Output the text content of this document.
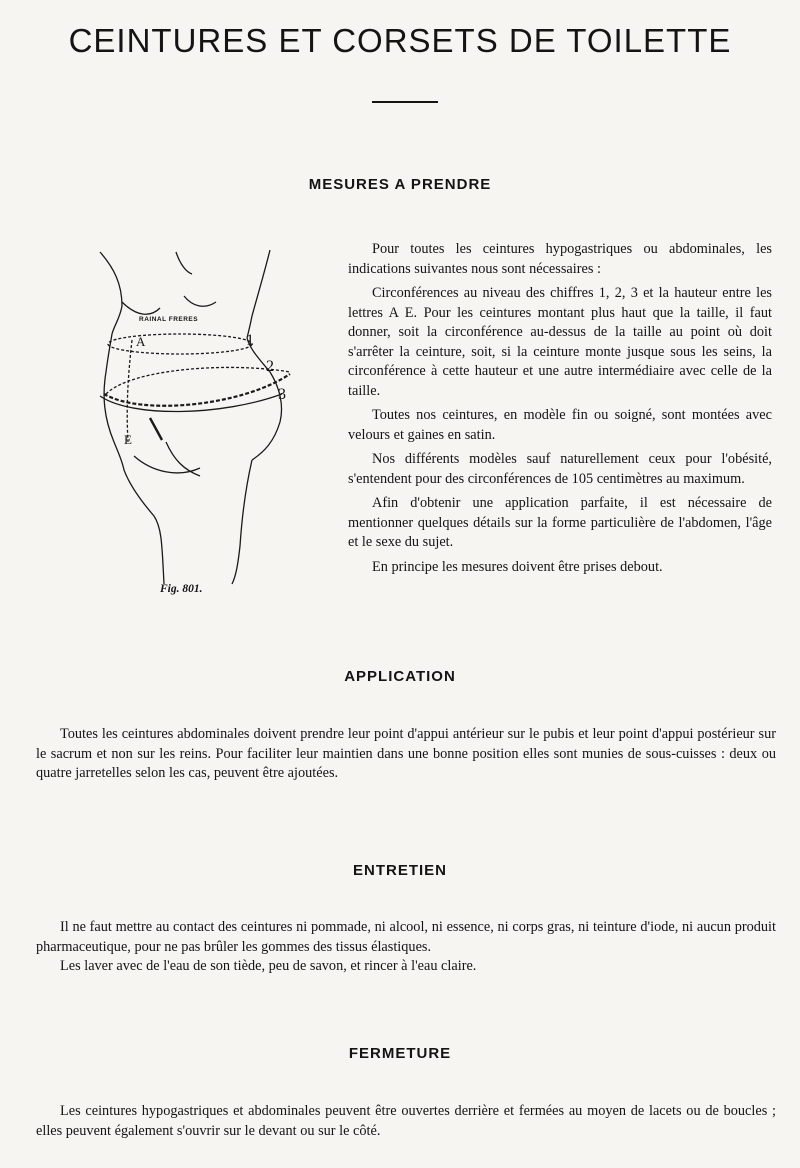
CEINTURES ET CORSETS DE TOILETTE
MESURES A PRENDRE
RAINAL FRERES
1
2
3
A
E
Fig. 801.

Pour toutes les ceintures hypogastriques ou abdominales, les indications suivantes nous sont nécessaires :

Circonférences au niveau des chiffres 1, 2, 3 et la hauteur entre les lettres A E. Pour les ceintures montant plus haut que la taille, il faut donner, soit la circonférence au-dessus de la taille au point où doit s'arrêter la ceinture, soit, si la ceinture monte jusque sous les seins, la circonférence à cette hauteur et une autre intermédiaire avec celle de la taille.

Toutes nos ceintures, en modèle fin ou soigné, sont montées avec velours et gaines en satin.

Nos différents modèles sauf naturellement ceux pour l'obésité, s'entendent pour des circonférences de 105 centimètres au maximum.

Afin d'obtenir une application parfaite, il est nécessaire de mentionner quelques détails sur la forme particulière de l'abdomen, l'âge et le sexe du sujet.

En principe les mesures doivent être prises debout.

APPLICATION

Toutes les ceintures abdominales doivent prendre leur point d'appui antérieur sur le pubis et leur point d'appui postérieur sur le sacrum et non sur les reins. Pour faciliter leur maintien dans une bonne position elles sont munies de sous-cuisses : deux ou quatre jarretelles selon les cas, peuvent être ajoutées.

ENTRETIEN

Il ne faut mettre au contact des ceintures ni pommade, ni alcool, ni essence, ni corps gras, ni teinture d'iode, ni aucun produit pharmaceutique, pour ne pas brûler les gommes des tissus élastiques.

Les laver avec de l'eau de son tiède, peu de savon, et rincer à l'eau claire.

FERMETURE

Les ceintures hypogastriques et abdominales peuvent être ouvertes derrière et fermées au moyen de lacets ou de boucles ; elles peuvent également s'ouvrir sur le devant ou sur le côté.
